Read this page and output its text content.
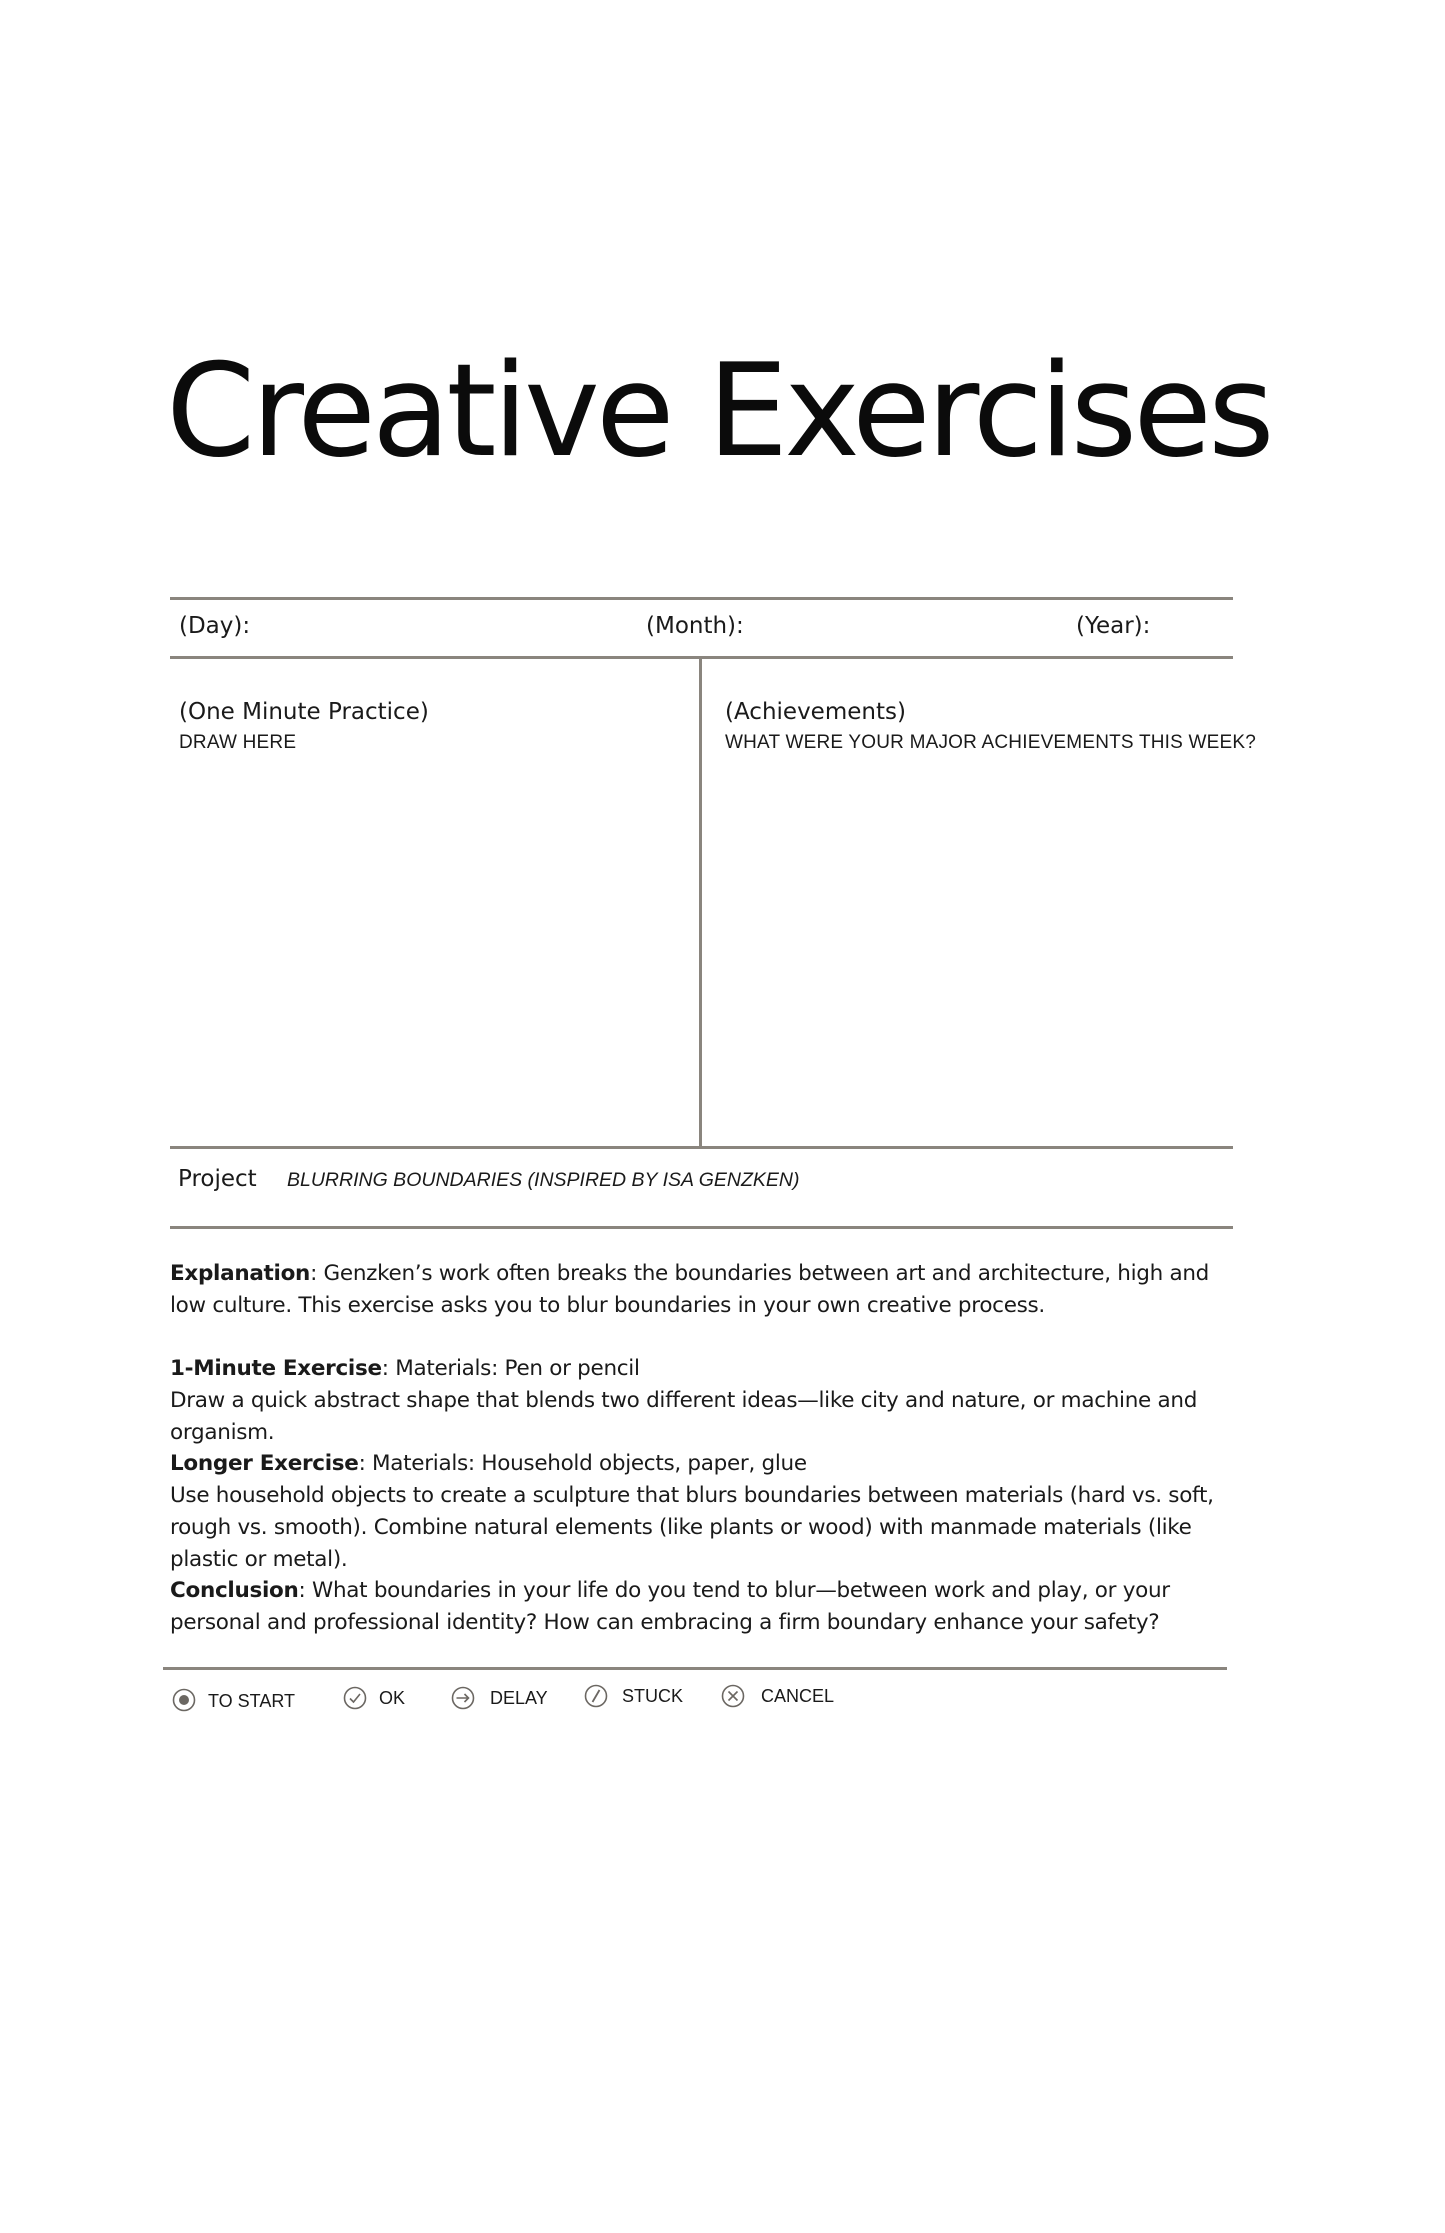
Creative Exercises
(Day):	(Month):	(Year):
(One Minute Practice)
DRAW HERE
(Achievements)
WHAT WERE YOUR MAJOR ACHIEVEMENTS THIS WEEK?
Project BLURRING BOUNDARIES (INSPIRED BY ISA GENZKEN)

Explanation: Genzken’s work often breaks the boundaries between art and architecture, high and low culture. This exercise asks you to blur boundaries in your own creative process.

1-Minute Exercise: Materials: Pen or pencil

Draw a quick abstract shape that blends two different ideas—like city and nature, or machine and organism.

Longer Exercise: Materials: Household objects, paper, glue

Use household objects to create a sculpture that blurs boundaries between materials (hard vs. soft, rough vs. smooth). Combine natural elements (like plants or wood) with manmade materials (like plastic or metal).

Conclusion: What boundaries in your life do you tend to blur—between work and play, or your personal and professional identity? How can embracing a firm boundary enhance your safety?

TO START	OK	DELAY	STUCK	CANCEL
